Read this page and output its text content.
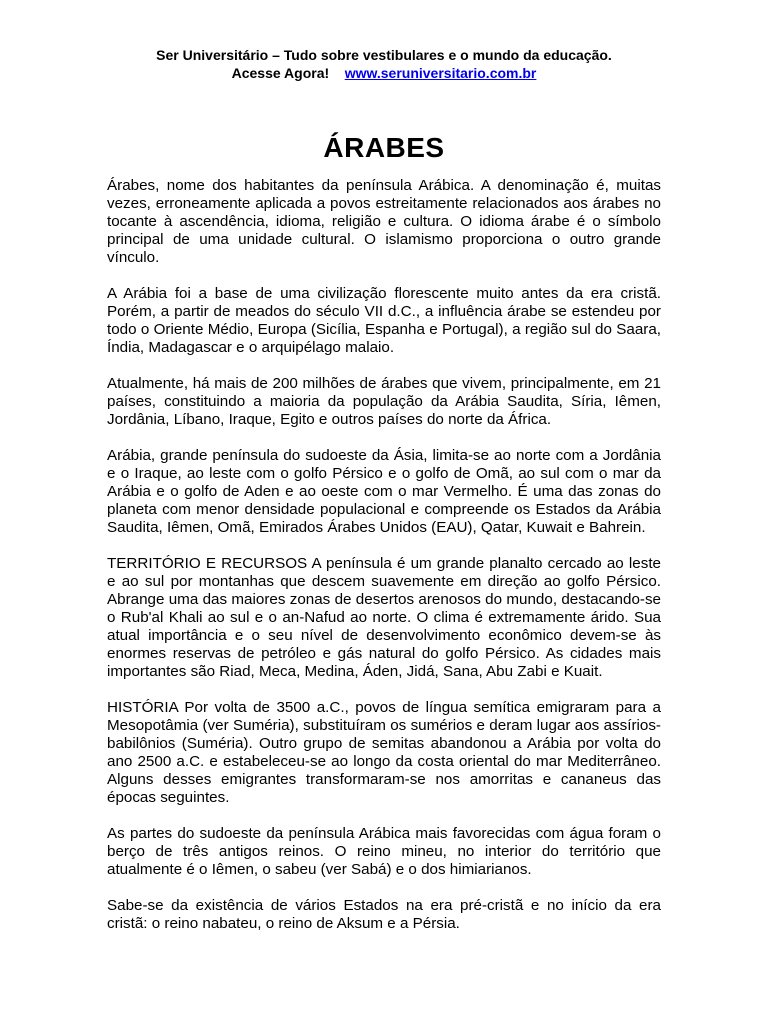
Ser Universitário – Tudo sobre vestibulares e o mundo da educação.
Acesse Agora! www.seruniversitario.com.br
ÁRABES

Árabes, nome dos habitantes da península Arábica. A denominação é, muitas vezes, erroneamente aplicada a povos estreitamente relacionados aos árabes no tocante à ascendência, idioma, religião e cultura. O idioma árabe é o símbolo principal de uma unidade cultural. O islamismo proporciona o outro grande vínculo.

A Arábia foi a base de uma civilização florescente muito antes da era cristã. Porém, a partir de meados do século VII d.C., a influência árabe se estendeu por todo o Oriente Médio, Europa (Sicília, Espanha e Portugal), a região sul do Saara, Índia, Madagascar e o arquipélago malaio.

Atualmente, há mais de 200 milhões de árabes que vivem, principalmente, em 21 países, constituindo a maioria da população da Arábia Saudita, Síria, Iêmen, Jordânia, Líbano, Iraque, Egito e outros países do norte da África.

Arábia, grande península do sudoeste da Ásia, limita-se ao norte com a Jordânia e o Iraque, ao leste com o golfo Pérsico e o golfo de Omã, ao sul com o mar da Arábia e o golfo de Aden e ao oeste com o mar Vermelho. É uma das zonas do planeta com menor densidade populacional e compreende os Estados da Arábia Saudita, Iêmen, Omã, Emirados Árabes Unidos (EAU), Qatar, Kuwait e Bahrein.

TERRITÓRIO E RECURSOS A península é um grande planalto cercado ao leste e ao sul por montanhas que descem suavemente em direção ao golfo Pérsico. Abrange uma das maiores zonas de desertos arenosos do mundo, destacando-se o Rub'al Khali ao sul e o an-Nafud ao norte. O clima é extremamente árido. Sua atual importância e o seu nível de desenvolvimento econômico devem-se às enormes reservas de petróleo e gás natural do golfo Pérsico. As cidades mais importantes são Riad, Meca, Medina, Áden, Jidá, Sana, Abu Zabi e Kuait.

HISTÓRIA Por volta de 3500 a.C., povos de língua semítica emigraram para a Mesopotâmia (ver Suméria), substituíram os sumérios e deram lugar aos assírios-babilônios (Suméria). Outro grupo de semitas abandonou a Arábia por volta do ano 2500 a.C. e estabeleceu-se ao longo da costa oriental do mar Mediterrâneo. Alguns desses emigrantes transformaram-se nos amorritas e cananeus das épocas seguintes.

As partes do sudoeste da península Arábica mais favorecidas com água foram o berço de três antigos reinos. O reino mineu, no interior do território que atualmente é o Iêmen, o sabeu (ver Sabá) e o dos himiarianos.

Sabe-se da existência de vários Estados na era pré-cristã e no início da era cristã: o reino nabateu, o reino de Aksum e a Pérsia.
